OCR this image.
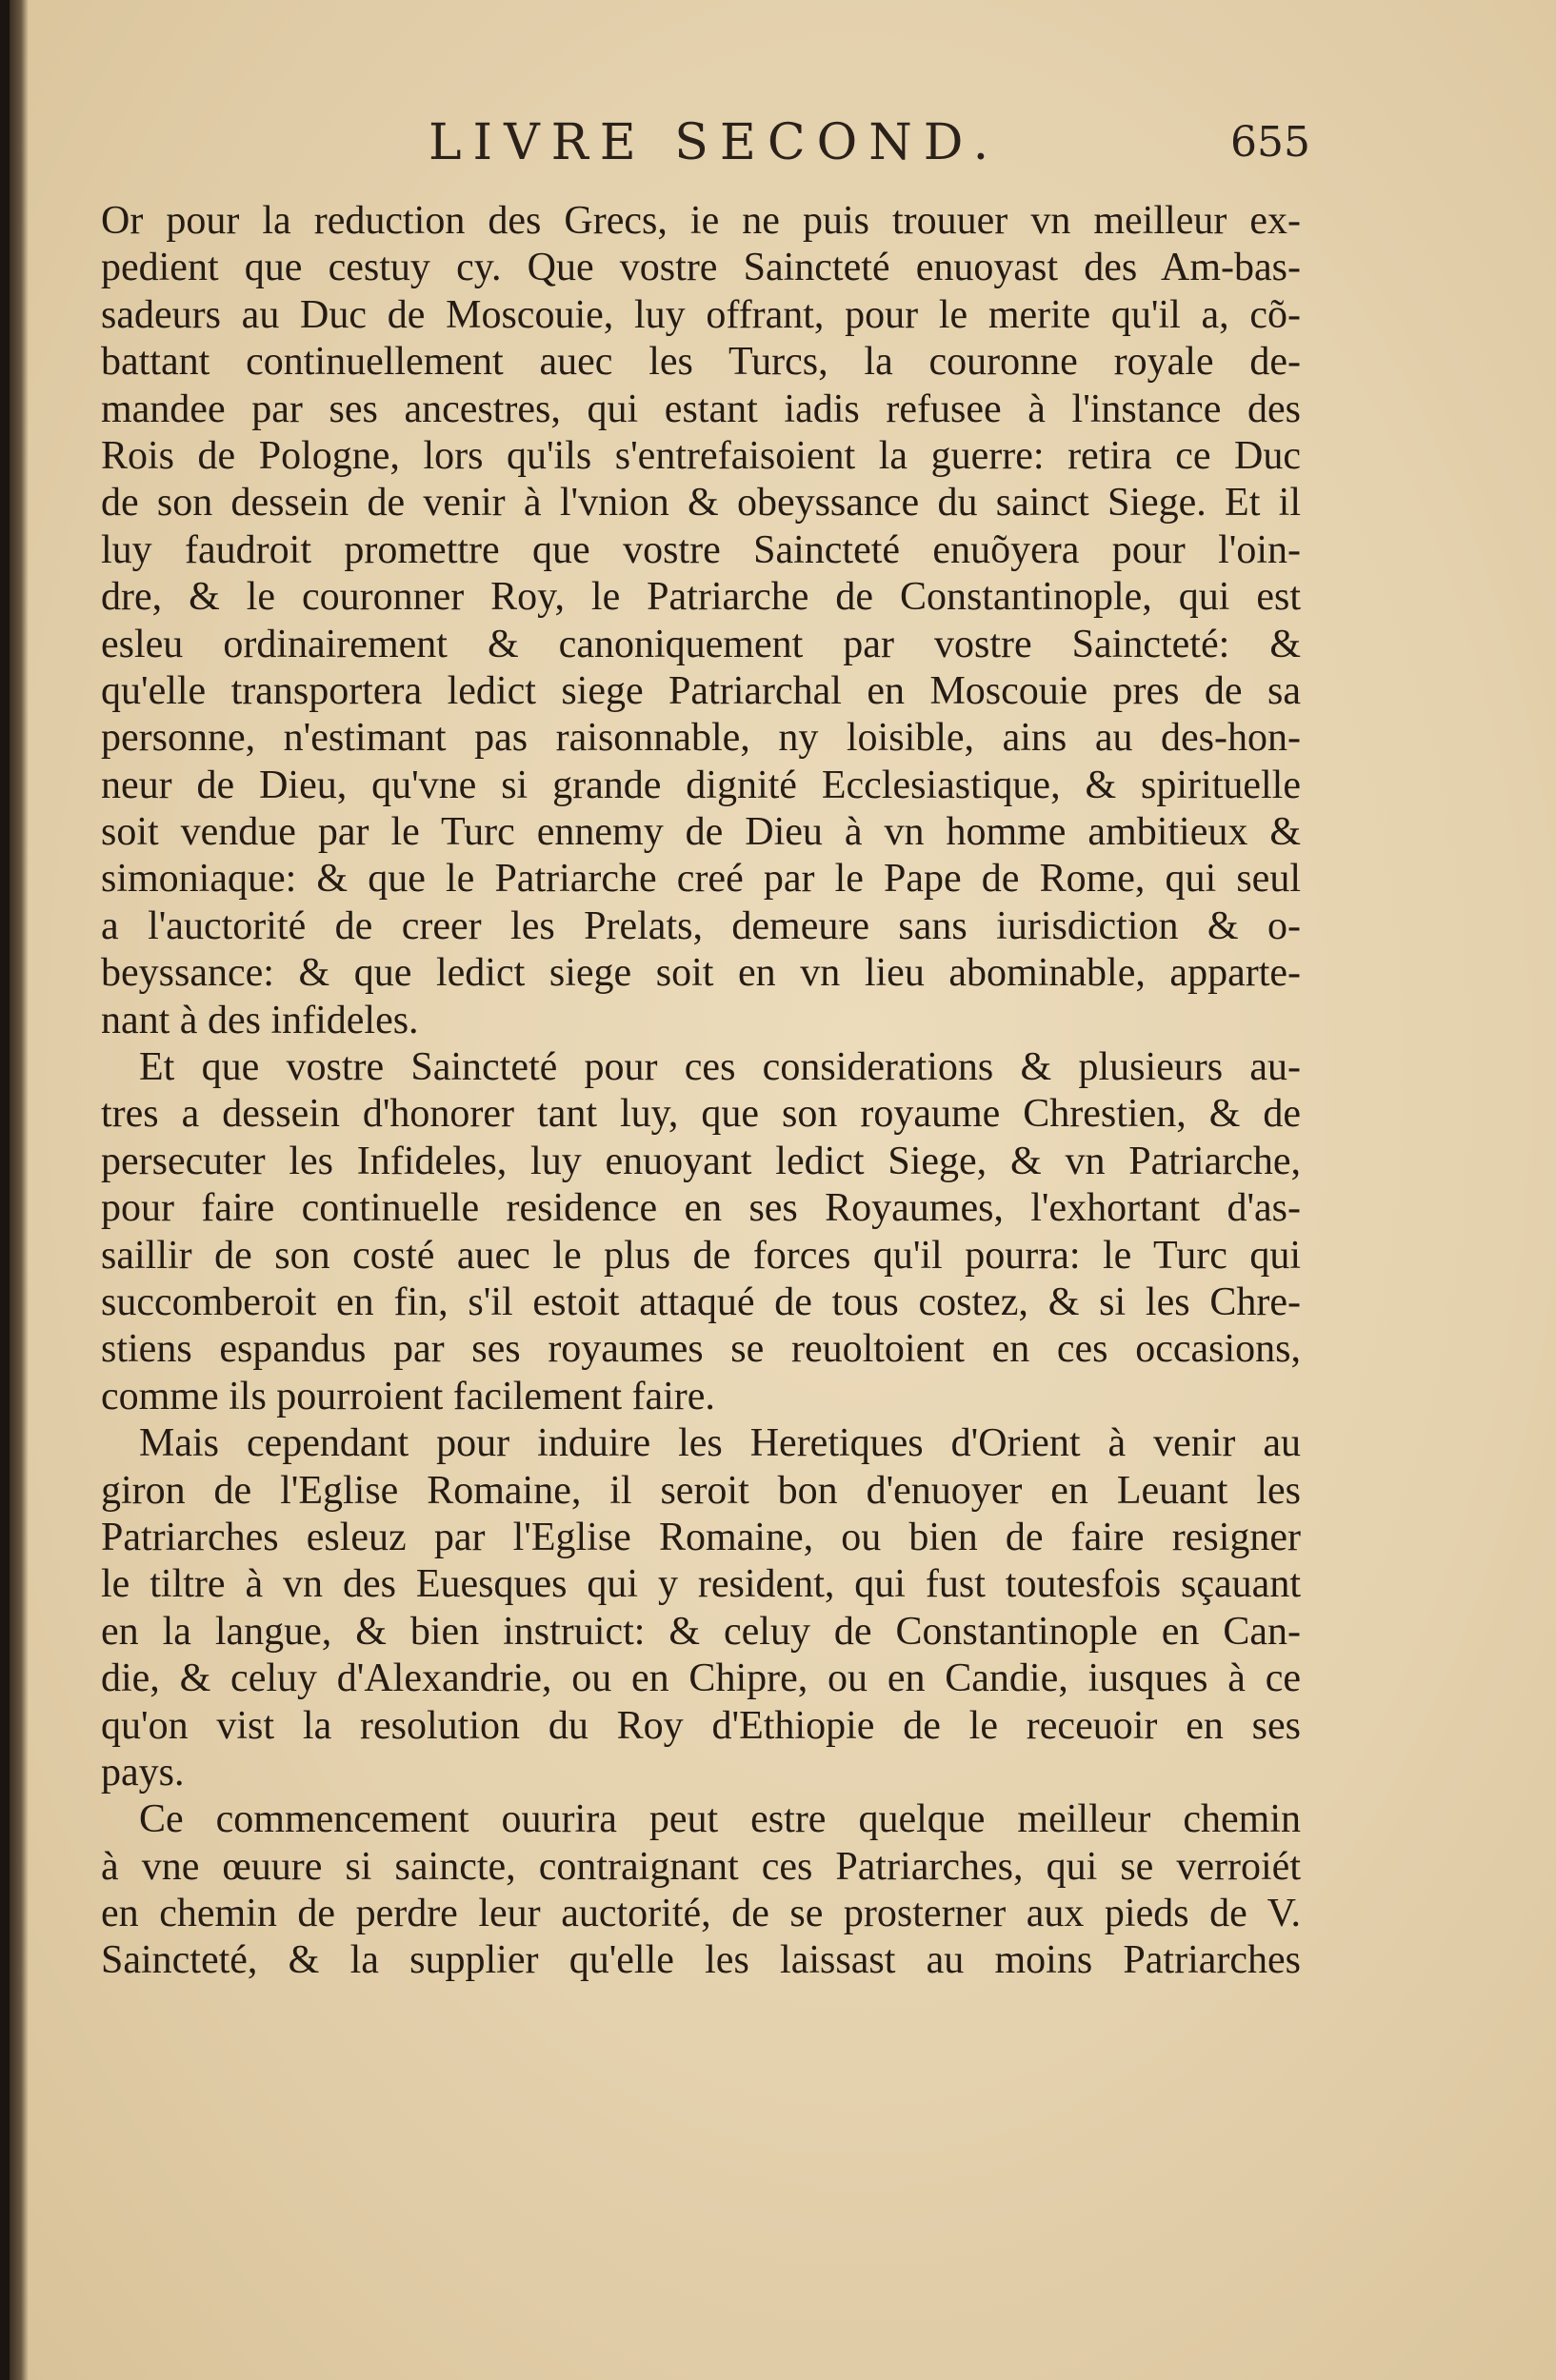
LIVRE SECOND.	655
Or pour la reduction des Grecs, ie ne puis trouuer vn meilleur ex-
pedient que cestuy cy. Que vostre Saincteté enuoyast des Am-bas-
sadeurs au Duc de Moscouie, luy offrant, pour le merite qu'il a, cõ-
battant continuellement auec les Turcs, la couronne royale de-
mandee par ses ancestres, qui estant iadis refusee à l'instance des
Rois de Pologne, lors qu'ils s'entrefaisoient la guerre: retira ce Duc
de son dessein de venir à l'vnion & obeyssance du sainct Siege. Et il
luy faudroit promettre que vostre Saincteté enuõyera pour l'oin-
dre, & le couronner Roy, le Patriarche de Constantinople, qui est
esleu ordinairement & canoniquement par vostre Saincteté: &
qu'elle transportera ledict siege Patriarchal en Moscouie pres de sa
personne, n'estimant pas raisonnable, ny loisible, ains au des-hon-
neur de Dieu, qu'vne si grande dignité Ecclesiastique, & spirituelle
soit vendue par le Turc ennemy de Dieu à vn homme ambitieux &
simoniaque: & que le Patriarche creé par le Pape de Rome, qui seul
a l'auctorité de creer les Prelats, demeure sans iurisdiction & o-
beyssance: & que ledict siege soit en vn lieu abominable, apparte-
nant à des infideles.
Et que vostre Saincteté pour ces considerations & plusieurs au-
tres a dessein d'honorer tant luy, que son royaume Chrestien, & de
persecuter les Infideles, luy enuoyant ledict Siege, & vn Patriarche,
pour faire continuelle residence en ses Royaumes, l'exhortant d'as-
saillir de son costé auec le plus de forces qu'il pourra: le Turc qui
succomberoit en fin, s'il estoit attaqué de tous costez, & si les Chre-
stiens espandus par ses royaumes se reuoltoient en ces occasions,
comme ils pourroient facilement faire.
Mais cependant pour induire les Heretiques d'Orient à venir au
giron de l'Eglise Romaine, il seroit bon d'enuoyer en Leuant les
Patriarches esleuz par l'Eglise Romaine, ou bien de faire resigner
le tiltre à vn des Euesques qui y resident, qui fust toutesfois sçauant
en la langue, & bien instruict: & celuy de Constantinople en Can-
die, & celuy d'Alexandrie, ou en Chipre, ou en Candie, iusques à ce
qu'on vist la resolution du Roy d'Ethiopie de le receuoir en ses
pays.
Ce commencement ouurira peut estre quelque meilleur chemin
à vne œuure si saincte, contraignant ces Patriarches, qui se verroiét
en chemin de perdre leur auctorité, de se prosterner aux pieds de V.
Saincteté, & la supplier qu'elle les laissast au moins Patriarches
